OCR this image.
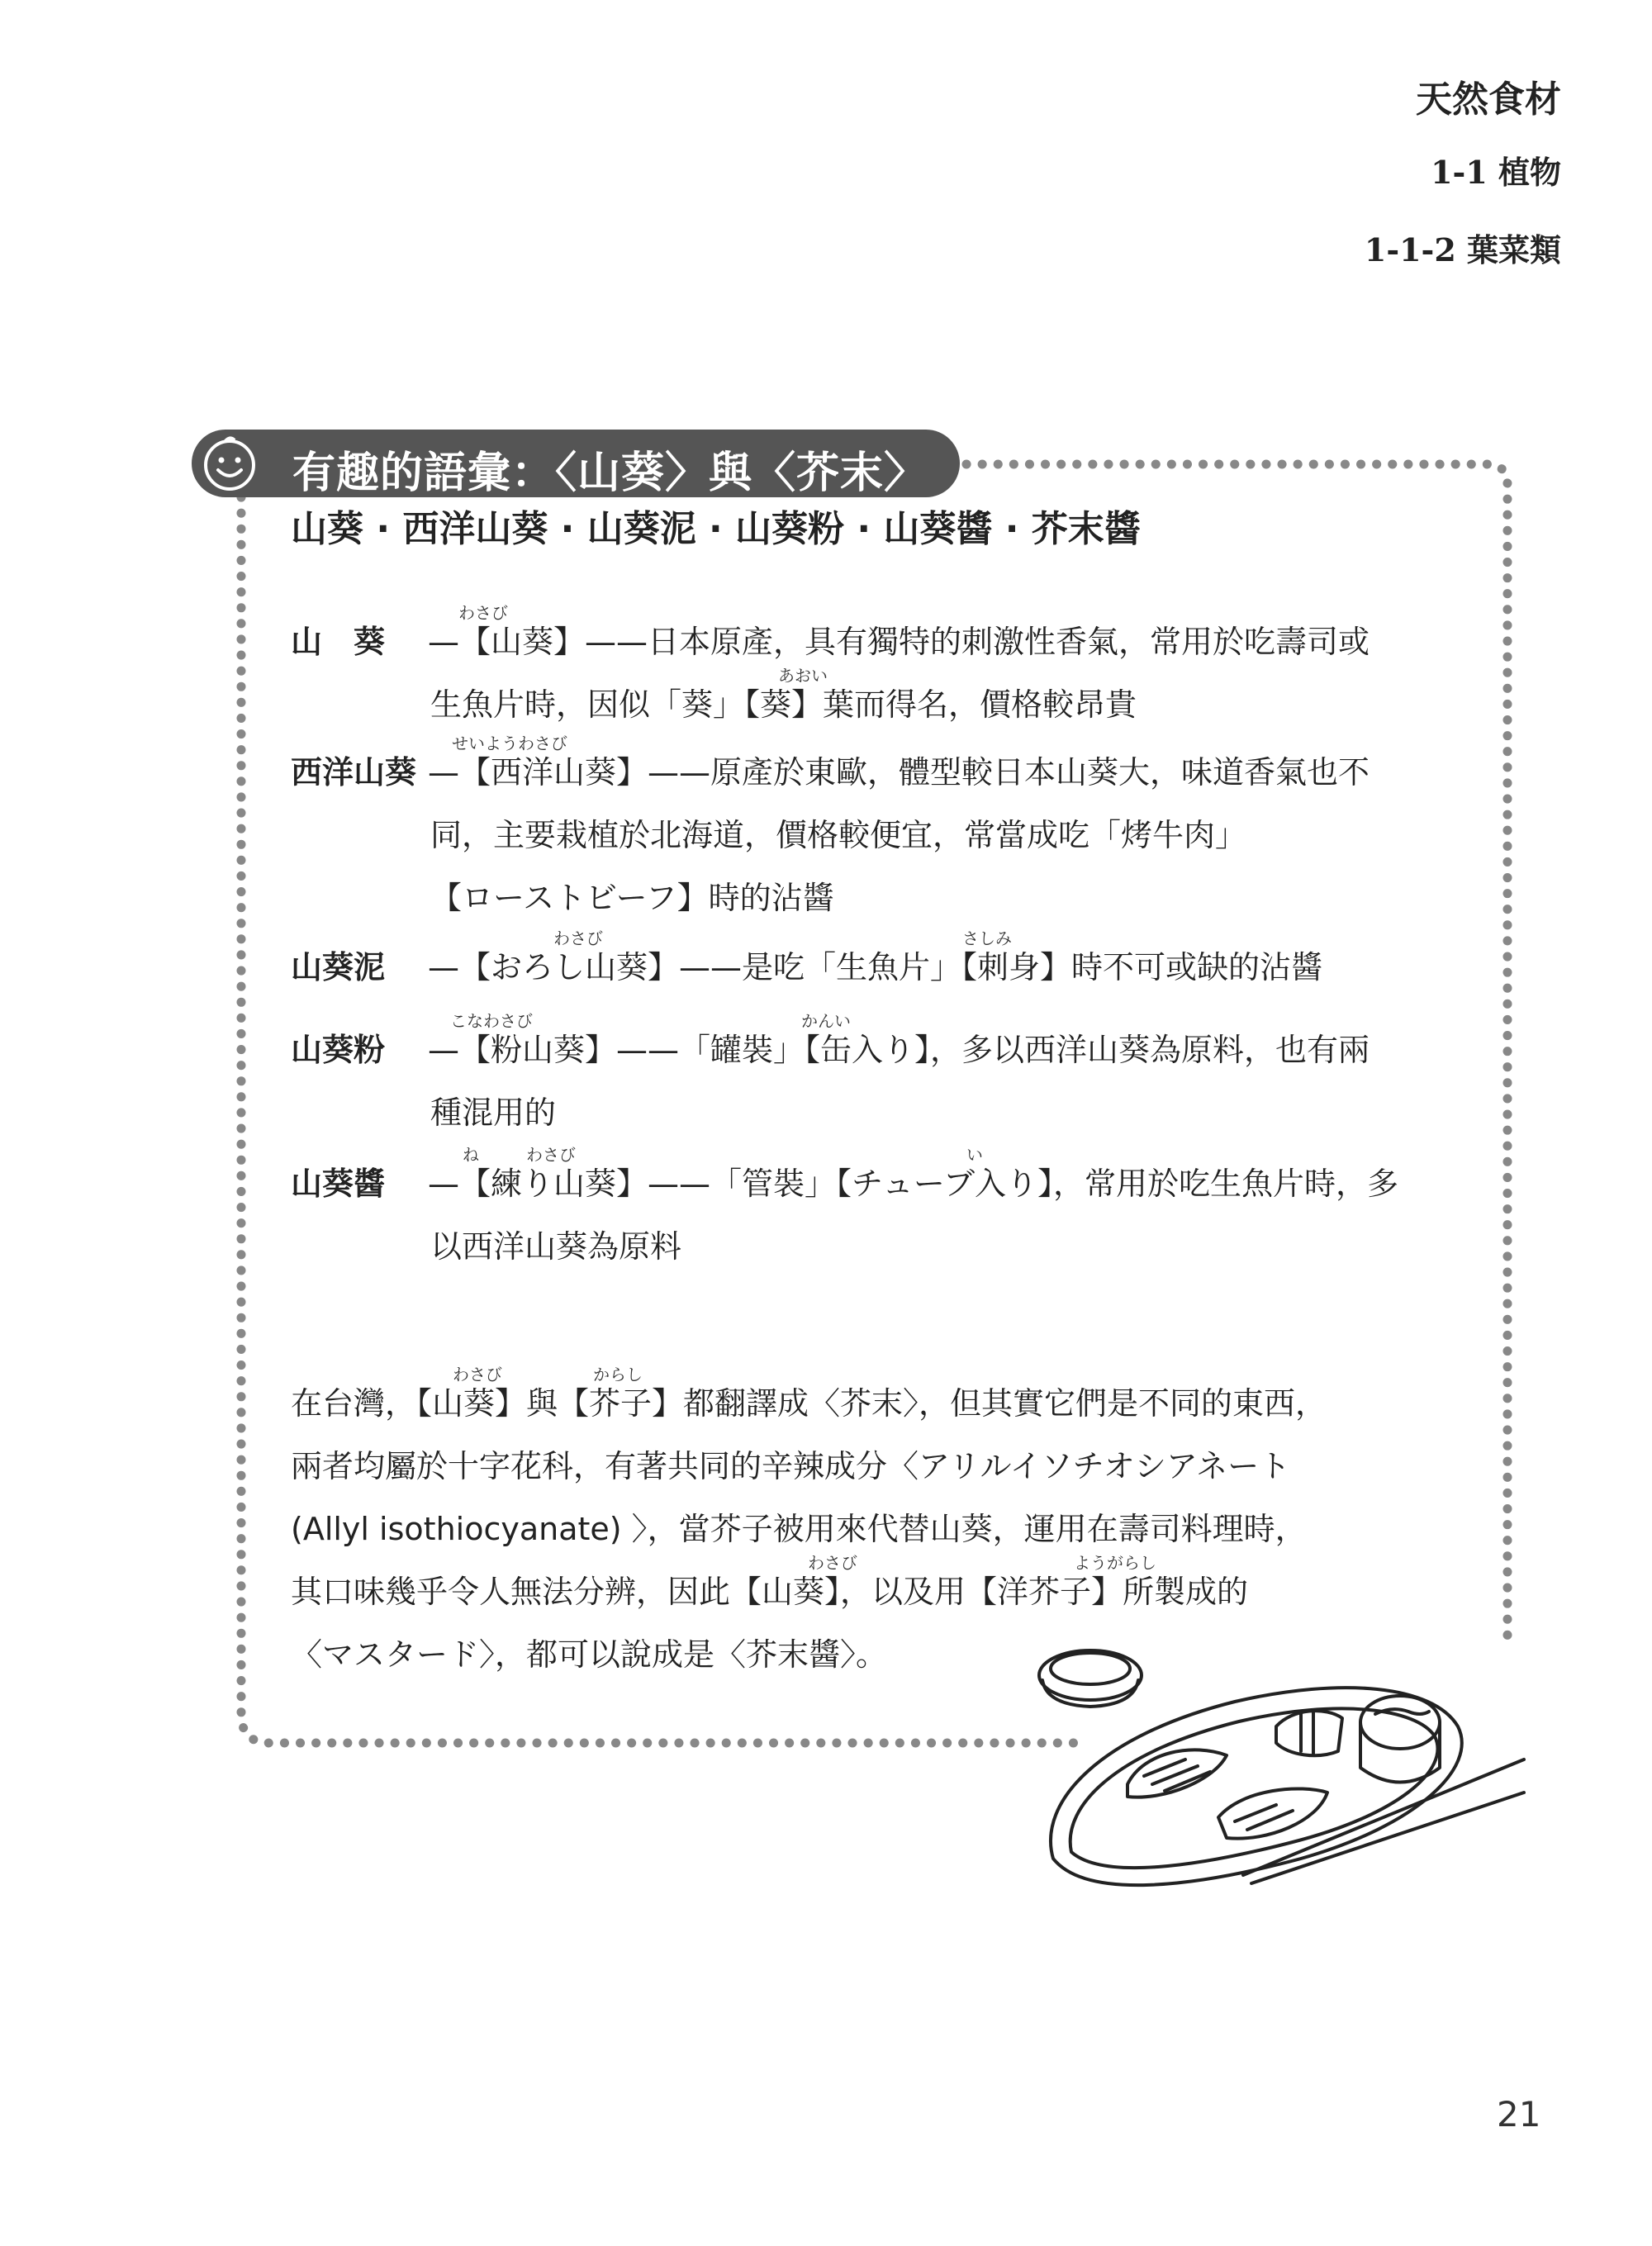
天然食材
1-1 植物
1-1-2 葉菜類
有趣的語彙：〈山葵〉與〈芥末〉
山葵 · 西洋山葵 · 山葵泥 · 山葵粉 · 山葵醬 · 芥末醬
わさび
山　葵 —【山葵】——日本原產，具有獨特的刺激性香氣，常用於吃壽司或
あおい
生魚片時，因似「葵」【葵】葉而得名，價格較昂貴
せいようわさび
西洋山葵 —【西洋山葵】——原產於東歐，體型較日本山葵大，味道香氣也不
同，主要栽植於北海道，價格較便宜，常當成吃「烤牛肉」
【ローストビーフ】時的沾醬
わさび	さしみ
山葵泥 —【おろし山葵】——是吃「生魚片」【刺身】時不可或缺的沾醬
こなわさび	かんい
山葵粉 —【粉山葵】——「罐裝」【缶入り】，多以西洋山葵為原料，也有兩
種混用的
ね	わさび	い
山葵醬 —【練り山葵】——「管裝」【チューブ入り】，常用於吃生魚片時，多
以西洋山葵為原料
わさび	からし
在台灣，【山葵】與【芥子】都翻譯成〈芥末〉，但其實它們是不同的東西，
兩者均屬於十字花科，有著共同的辛辣成分〈アリルイソチオシアネート
(Allyl isothiocyanate) 〉，當芥子被用來代替山葵，運用在壽司料理時，
わさび	ようがらし
其口味幾乎令人無法分辨，因此【山葵】，以及用【洋芥子】所製成的
〈マスタード〉，都可以說成是〈芥末醬〉。
21
